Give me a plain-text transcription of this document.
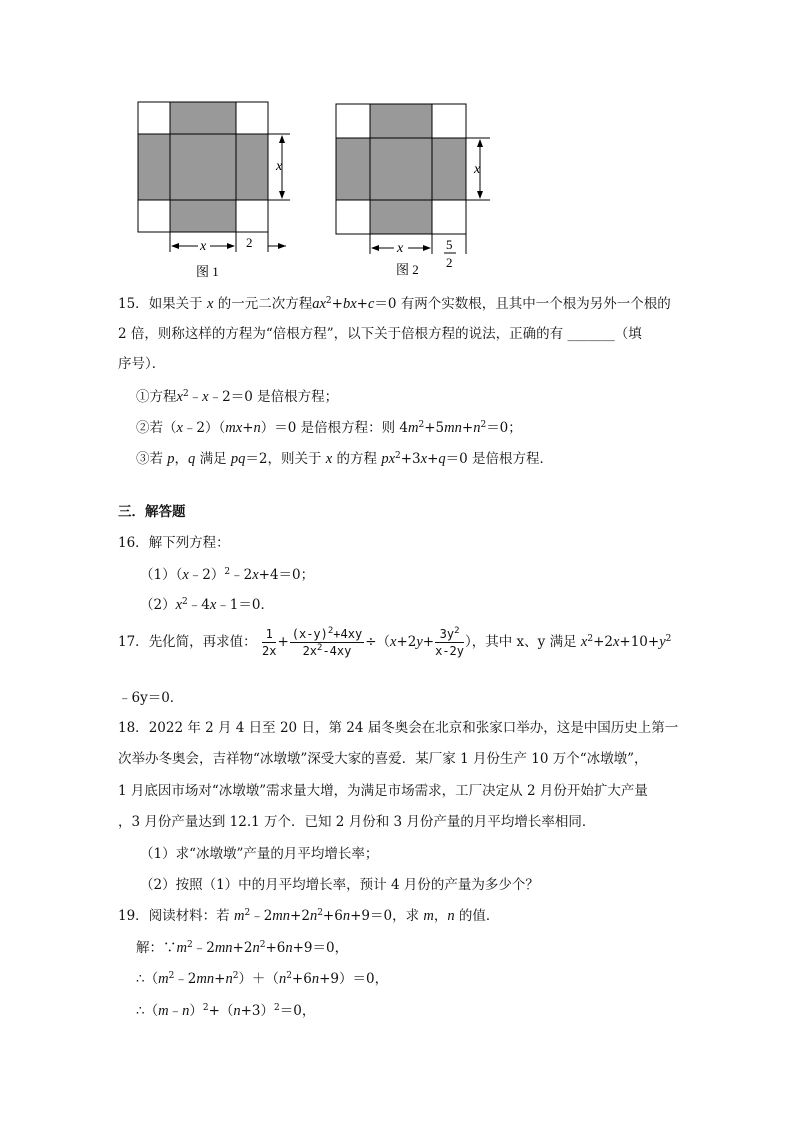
x
x	2
图 1
x
x	5
2
图 2
15．如果关于 x 的一元二次方程$ax^2+bx+c=0$ 有两个实数根，且其中一个根为另外一个根的
2 倍，则称这样的方程为“倍根方程”，以下关于倍根方程的说法，正确的有 _______（填
序号）．
①方程$x^2﹣x﹣2=0$ 是倍根方程；
②若（x﹣2）（mx+n）＝0 是倍根方程：则 $4m^2+5mn+n^2=0$；
③若 p，q 满足 pq＝2，则关于 x 的方程 $px^2+3x+q=0$ 是倍根方程．
三．解答题
16．解下列方程：
（1）（x﹣2）$^2$﹣2x+4＝0；
$(2)x^2﹣4x﹣1=0$．
17．先化简，再求值： $\frac{1}{2x} + \frac{(x-y)^2+4xy}{2x^2-4xy} \div(x+2y+ \frac{3y^2}{x-2y}$ ），其中 x、y 满足 $x^2+2x+10+y^2$
﹣6y＝0．
18．2022 年 2 月 4 日至 20 日，第 24 届冬奥会在北京和张家口举办，这是中国历史上第一
次举办冬奥会，吉祥物“冰墩墩”深受大家的喜爱．某厂家 1 月份生产 10 万个“冰墩墩”，
1 月底因市场对“冰墩墩”需求量大增，为满足市场需求，工厂决定从 2 月份开始扩大产量
，3 月份产量达到 12.1 万个．已知 2 月份和 3 月份产量的月平均增长率相同．
（1）求“冰墩墩”产量的月平均增长率；
（2）按照（1）中的月平均增长率，预计 4 月份的产量为多少个？
19．阅读材料：若 $m^2﹣2mn+2n^2+6n+9=0$，求 m，n 的值．
解：$\because m^2﹣2mn+2n^2+6n+9=0$，
$\therefore(m^2﹣2mn+n^2)+(n^2+6n+9)=0$，
$\therefore(m﹣n)^2+(n+3)^2=0$，
